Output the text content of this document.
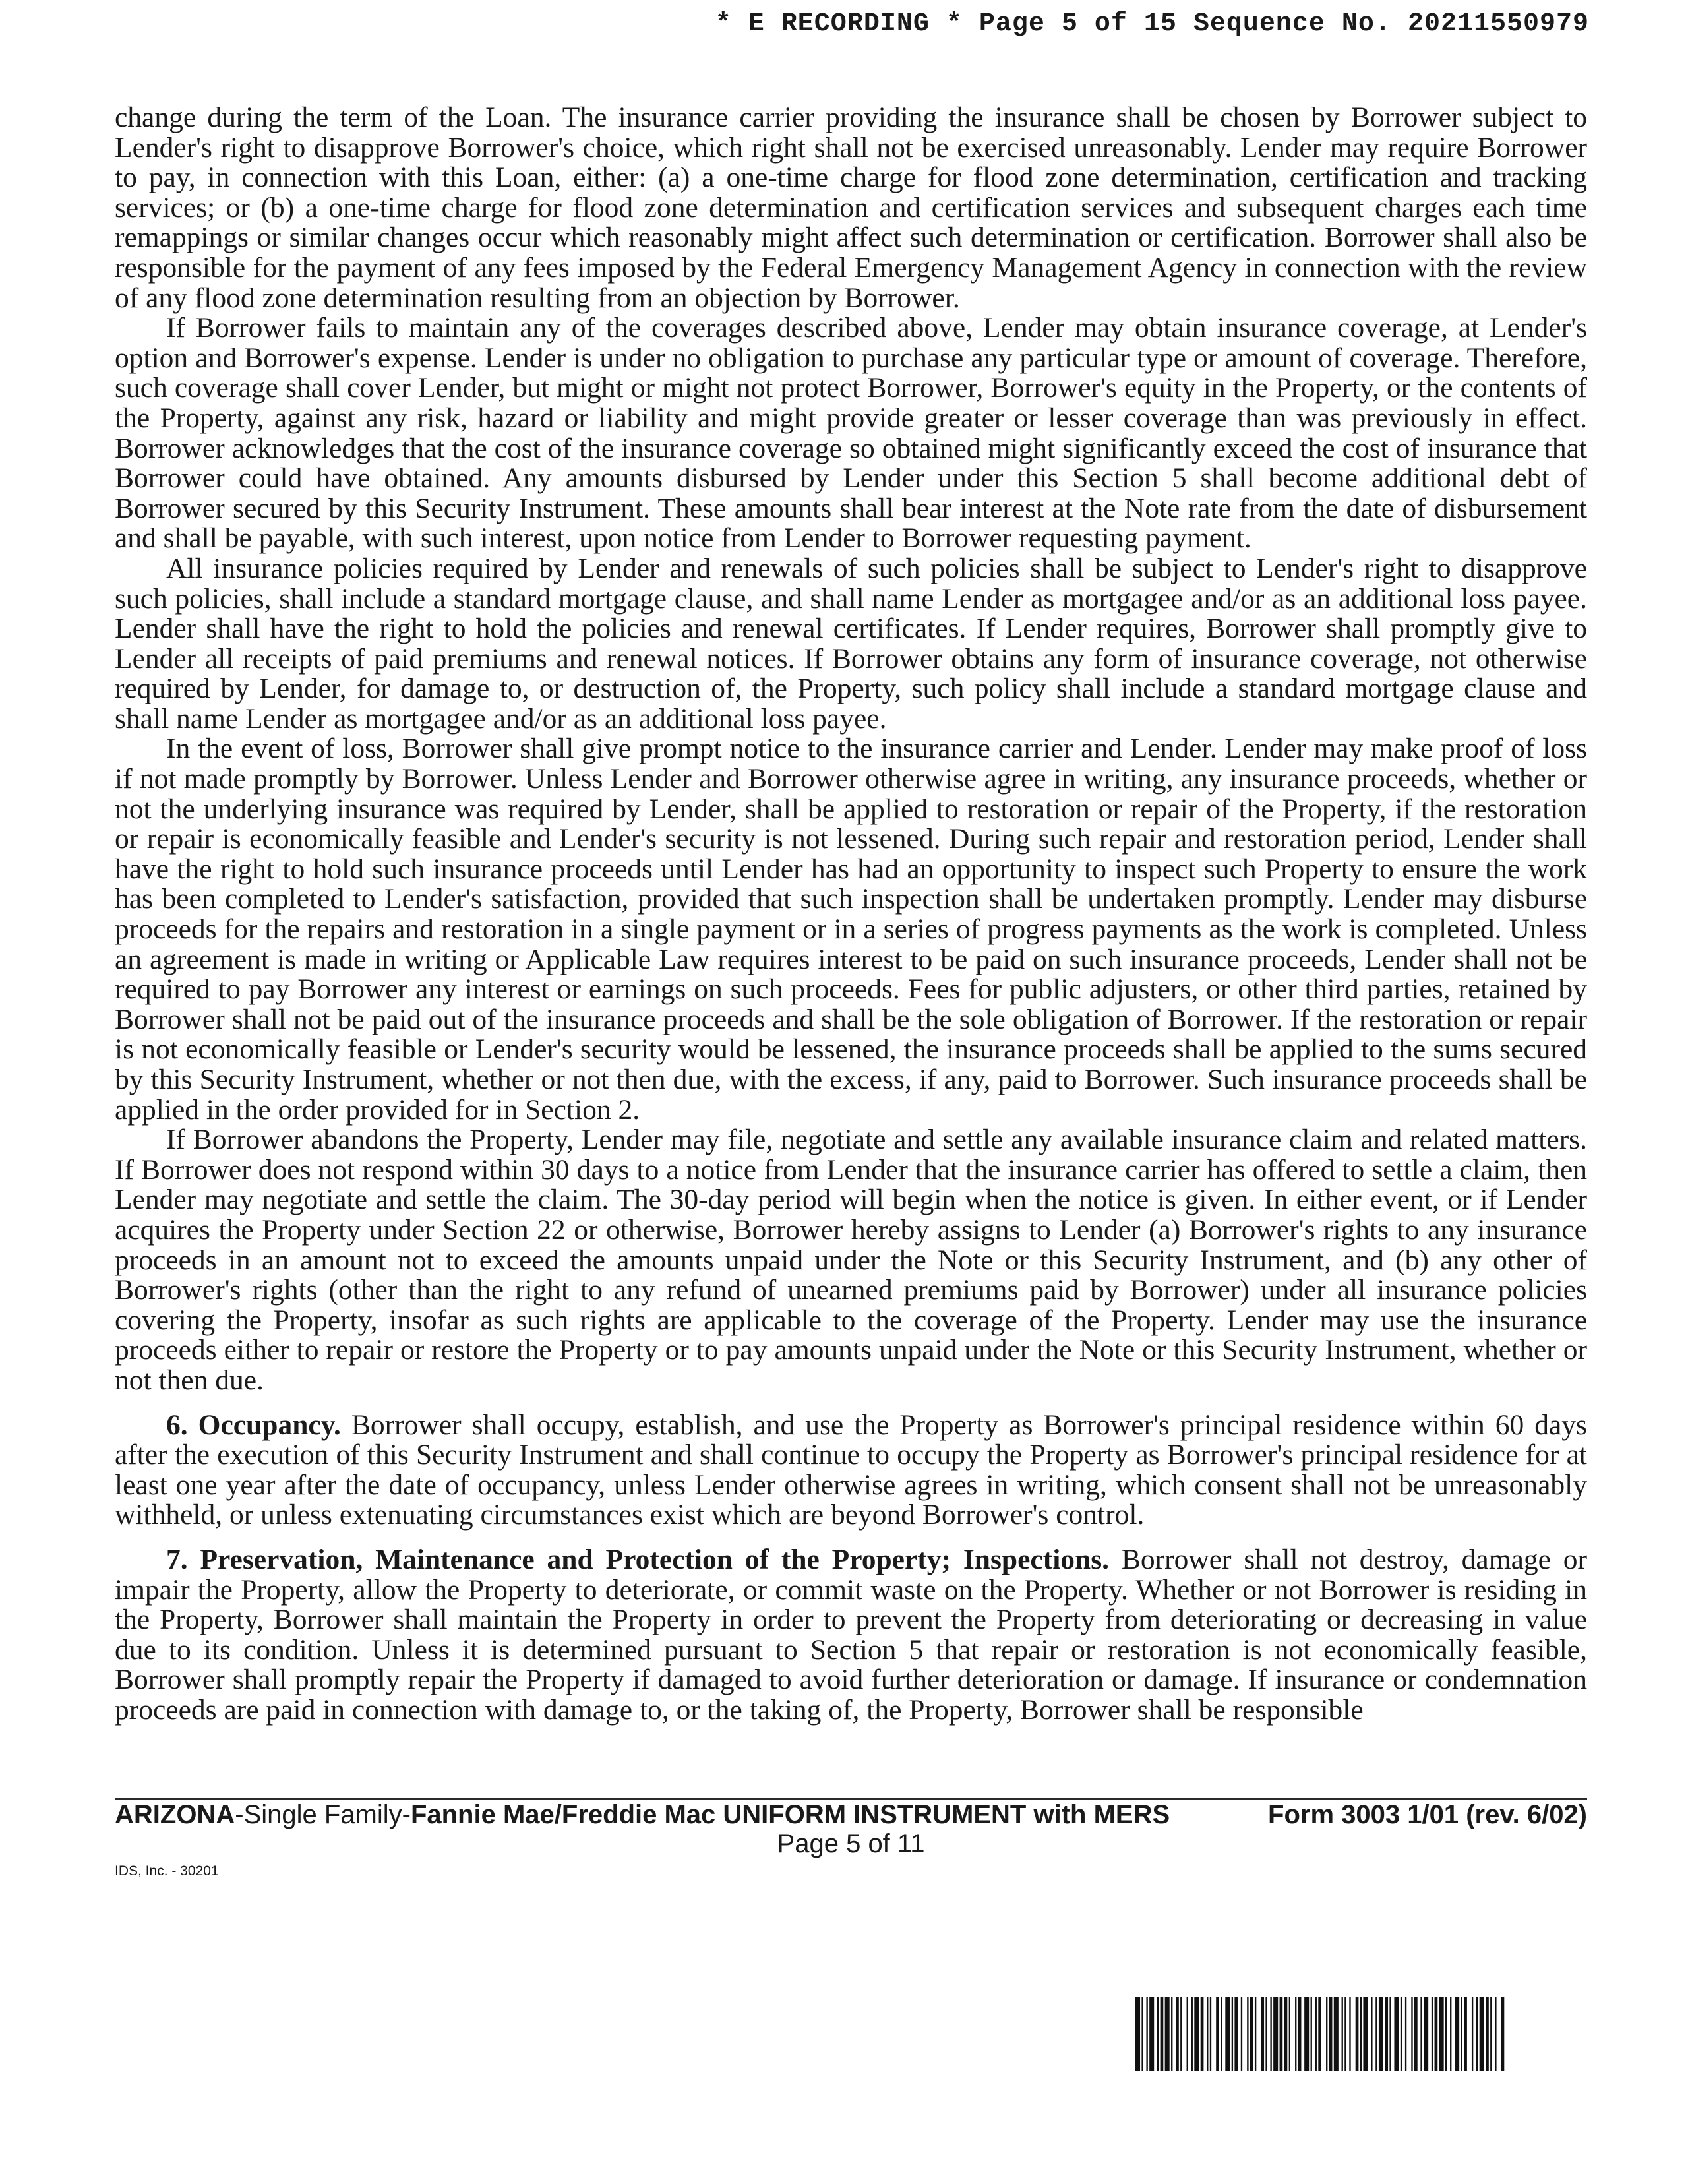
* E RECORDING * Page 5 of 15 Sequence No. 20211550979

change during the term of the Loan. The insurance carrier providing the insurance shall be chosen by Borrower subject to Lender's right to disapprove Borrower's choice, which right shall not be exercised unreasonably. Lender may require Borrower to pay, in connection with this Loan, either: (a) a one-time charge for flood zone determination, certification and tracking services; or (b) a one-time charge for flood zone determination and certification services and subsequent charges each time remappings or similar changes occur which reasonably might affect such determination or certification. Borrower shall also be responsible for the payment of any fees imposed by the Federal Emergency Management Agency in connection with the review of any flood zone determination resulting from an objection by Borrower.

If Borrower fails to maintain any of the coverages described above, Lender may obtain insurance coverage, at Lender's option and Borrower's expense. Lender is under no obligation to purchase any particular type or amount of coverage. Therefore, such coverage shall cover Lender, but might or might not protect Borrower, Borrower's equity in the Property, or the contents of the Property, against any risk, hazard or liability and might provide greater or lesser coverage than was previously in effect. Borrower acknowledges that the cost of the insurance coverage so obtained might significantly exceed the cost of insurance that Borrower could have obtained. Any amounts disbursed by Lender under this Section 5 shall become additional debt of Borrower secured by this Security Instrument. These amounts shall bear interest at the Note rate from the date of disbursement and shall be payable, with such interest, upon notice from Lender to Borrower requesting payment.

All insurance policies required by Lender and renewals of such policies shall be subject to Lender's right to disapprove such policies, shall include a standard mortgage clause, and shall name Lender as mortgagee and/or as an additional loss payee. Lender shall have the right to hold the policies and renewal certificates. If Lender requires, Borrower shall promptly give to Lender all receipts of paid premiums and renewal notices. If Borrower obtains any form of insurance coverage, not otherwise required by Lender, for damage to, or destruction of, the Property, such policy shall include a standard mortgage clause and shall name Lender as mortgagee and/or as an additional loss payee.

In the event of loss, Borrower shall give prompt notice to the insurance carrier and Lender. Lender may make proof of loss if not made promptly by Borrower. Unless Lender and Borrower otherwise agree in writing, any insurance proceeds, whether or not the underlying insurance was required by Lender, shall be applied to restoration or repair of the Property, if the restoration or repair is economically feasible and Lender's security is not lessened. During such repair and restoration period, Lender shall have the right to hold such insurance proceeds until Lender has had an opportunity to inspect such Property to ensure the work has been completed to Lender's satisfaction, provided that such inspection shall be undertaken promptly. Lender may disburse proceeds for the repairs and restoration in a single payment or in a series of progress payments as the work is completed. Unless an agreement is made in writing or Applicable Law requires interest to be paid on such insurance proceeds, Lender shall not be required to pay Borrower any interest or earnings on such proceeds. Fees for public adjusters, or other third parties, retained by Borrower shall not be paid out of the insurance proceeds and shall be the sole obligation of Borrower. If the restoration or repair is not economically feasible or Lender's security would be lessened, the insurance proceeds shall be applied to the sums secured by this Security Instrument, whether or not then due, with the excess, if any, paid to Borrower. Such insurance proceeds shall be applied in the order provided for in Section 2.

If Borrower abandons the Property, Lender may file, negotiate and settle any available insurance claim and related matters. If Borrower does not respond within 30 days to a notice from Lender that the insurance carrier has offered to settle a claim, then Lender may negotiate and settle the claim. The 30-day period will begin when the notice is given. In either event, or if Lender acquires the Property under Section 22 or otherwise, Borrower hereby assigns to Lender (a) Borrower's rights to any insurance proceeds in an amount not to exceed the amounts unpaid under the Note or this Security Instrument, and (b) any other of Borrower's rights (other than the right to any refund of unearned premiums paid by Borrower) under all insurance policies covering the Property, insofar as such rights are applicable to the coverage of the Property. Lender may use the insurance proceeds either to repair or restore the Property or to pay amounts unpaid under the Note or this Security Instrument, whether or not then due.

6. Occupancy. Borrower shall occupy, establish, and use the Property as Borrower's principal residence within 60 days after the execution of this Security Instrument and shall continue to occupy the Property as Borrower's principal residence for at least one year after the date of occupancy, unless Lender otherwise agrees in writing, which consent shall not be unreasonably withheld, or unless extenuating circumstances exist which are beyond Borrower's control.

7. Preservation, Maintenance and Protection of the Property; Inspections. Borrower shall not destroy, damage or impair the Property, allow the Property to deteriorate, or commit waste on the Property. Whether or not Borrower is residing in the Property, Borrower shall maintain the Property in order to prevent the Property from deteriorating or decreasing in value due to its condition. Unless it is determined pursuant to Section 5 that repair or restoration is not economically feasible, Borrower shall promptly repair the Property if damaged to avoid further deterioration or damage. If insurance or condemnation proceeds are paid in connection with damage to, or the taking of, the Property, Borrower shall be responsible

ARIZONA-Single Family-Fannie Mae/Freddie Mac UNIFORM INSTRUMENT with MERS	Form 3003 1/01 (rev. 6/02)
Page 5 of 11
IDS, Inc. - 30201
